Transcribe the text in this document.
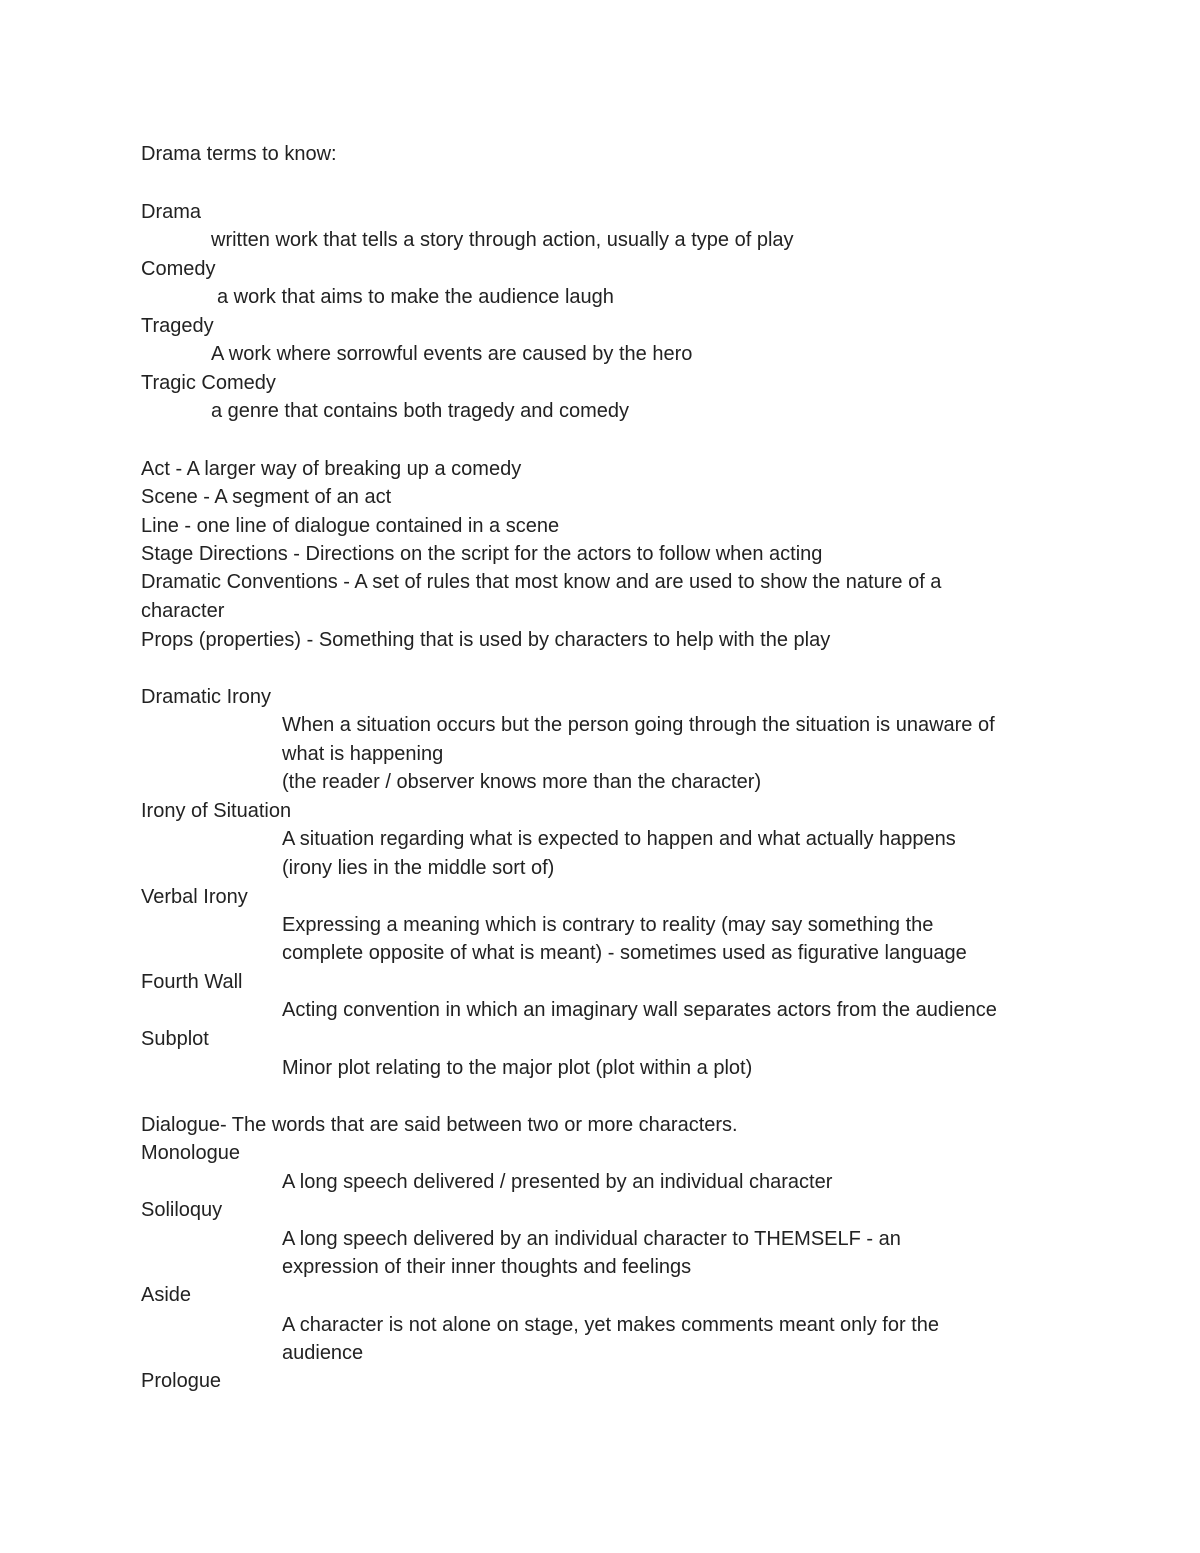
Drama terms to know:

Drama

written work that tells a story through action, usually a type of play

Comedy

a work that aims to make the audience laugh

Tragedy

A work where sorrowful events are caused by the hero

Tragic Comedy

a genre that contains both tragedy and comedy

Act - A larger way of breaking up a comedy

Scene - A segment of an act

Line - one line of dialogue contained in a scene

Stage Directions - Directions on the script for the actors to follow when acting

Dramatic Conventions - A set of rules that most know and are used to show the nature of a

character

Props (properties) - Something that is used by characters to help with the play

Dramatic Irony

When a situation occurs but the person going through the situation is unaware of

what is happening

(the reader / observer knows more than the character)

Irony of Situation

A situation regarding what is expected to happen and what actually happens

(irony lies in the middle sort of)

Verbal Irony

Expressing a meaning which is contrary to reality (may say something the

complete opposite of what is meant) - sometimes used as figurative language

Fourth Wall

Acting convention in which an imaginary wall separates actors from the audience

Subplot

Minor plot relating to the major plot (plot within a plot)

Dialogue- The words that are said between two or more characters.

Monologue

A long speech delivered / presented by an individual character

Soliloquy

A long speech delivered by an individual character to THEMSELF - an

expression of their inner thoughts and feelings

Aside

A character is not alone on stage, yet makes comments meant only for the

audience

Prologue
